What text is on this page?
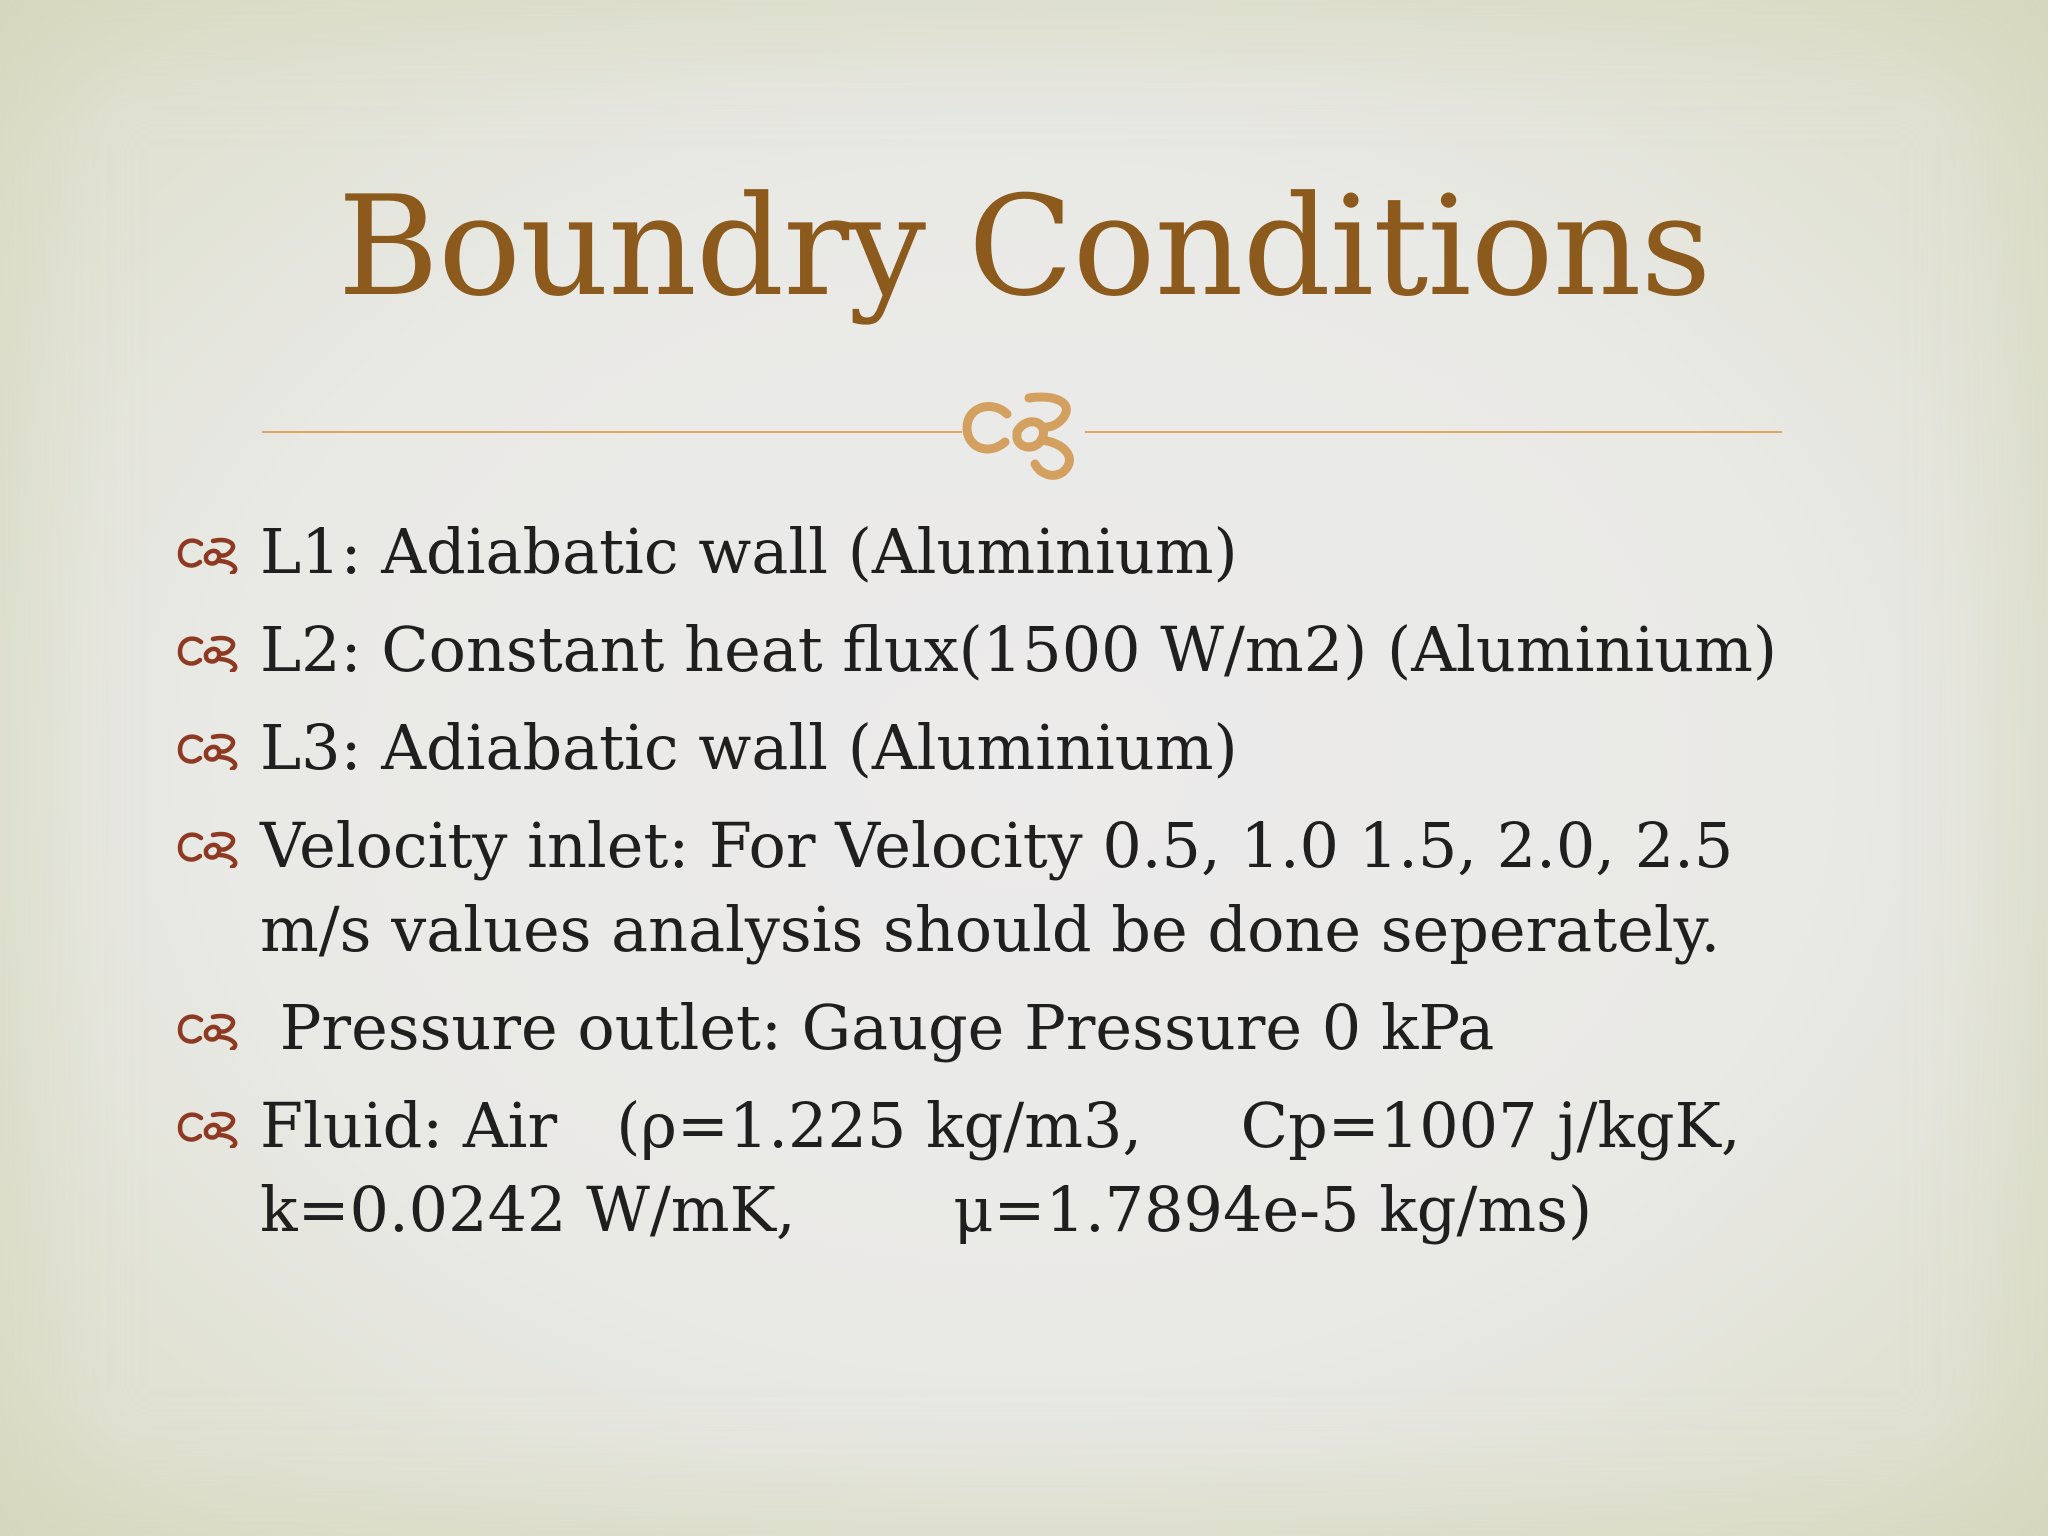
Boundry Conditions
L1: Adiabatic wall (Aluminium)
L2: Constant heat flux(1500 W/m2) (Aluminium)
L3: Adiabatic wall (Aluminium)
Velocity inlet: For Velocity 0.5, 1.0 1.5, 2.0, 2.5 m/s values analysis should be done seperately.
Pressure outlet: Gauge Pressure 0 kPa
Fluid: Air   (ρ=1.225 kg/m3,     Cp=1007 j/kgK,
k=0.0242 W/mK,        μ=1.7894e-5 kg/ms)
